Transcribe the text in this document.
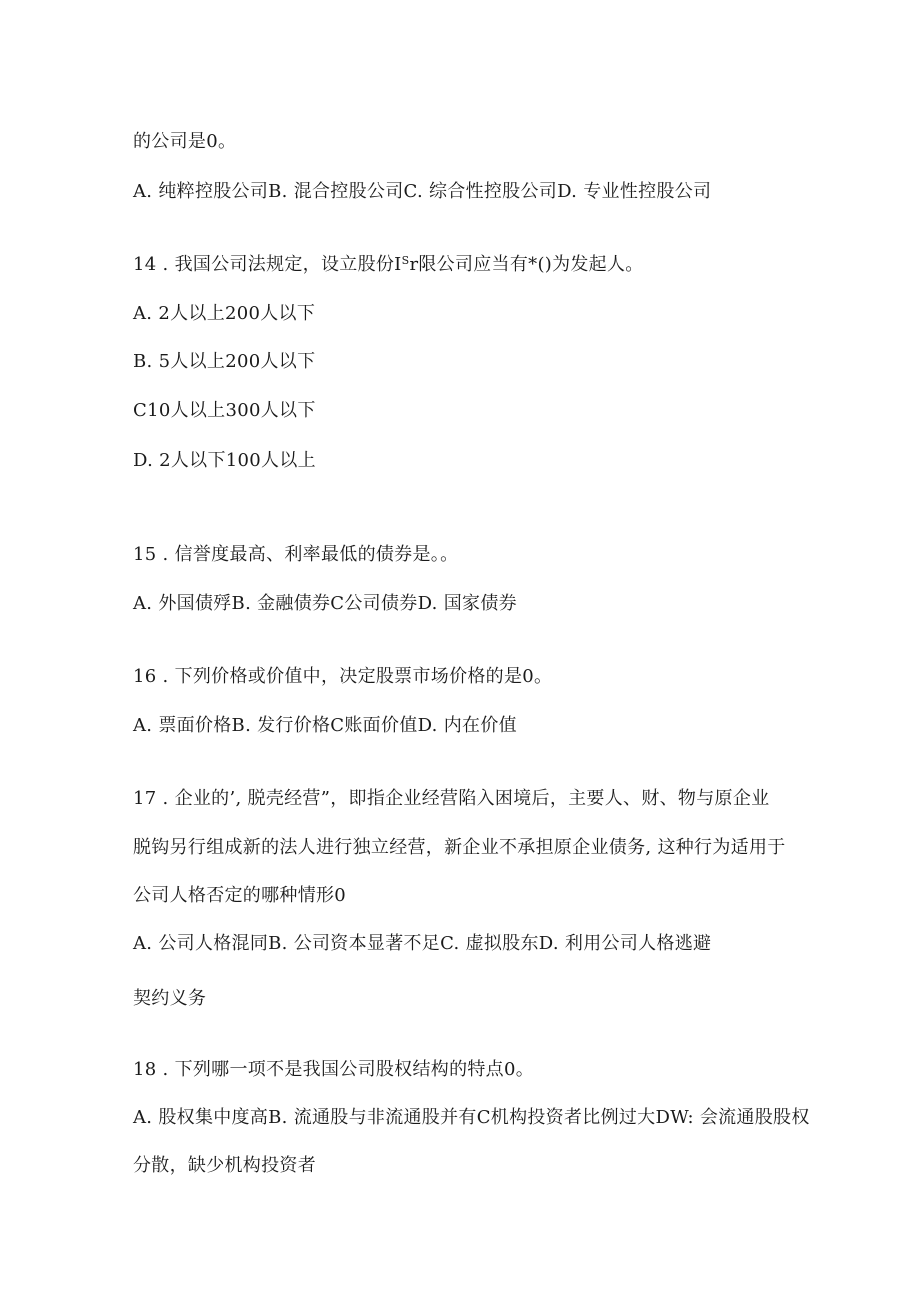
的公司是0。
A. 纯粹控股公司B. 混合控股公司C. 综合性控股公司D. 专业性控股公司
14 . 我国公司法规定，设立股份$I^Sr$限公司应当有*()为发起人。
A. 2人以上200人以下
B. 5人以上200人以下
C10人以上300人以下
D. 2人以下100人以上
15 . 信誉度最高、利率最低的债券是。。
A. 外国债殍B. 金融债券C公司债券D. 国家债券
16 . 下列价格或价值中，决定股票市场价格的是0。
A. 票面价格B. 发行价格C账面价值D. 内在价值
17 . 企业的’, 脱壳经营”，即指企业经营陷入困境后，主要人、财、物与原企业
脱钩另行组成新的法人进行独立经营，新企业不承担原企业债务, 这种行为适用于
公司人格否定的哪种情形0
A. 公司人格混同B. 公司资本显著不足C. 虚拟股东D. 利用公司人格逃避
契约义务
18 . 下列哪一项不是我国公司股权结构的特点0。
A. 股权集中度高B. 流通股与非流通股并有C机构投资者比例过大DW: 会流通股股权
分散，缺少机构投资者
